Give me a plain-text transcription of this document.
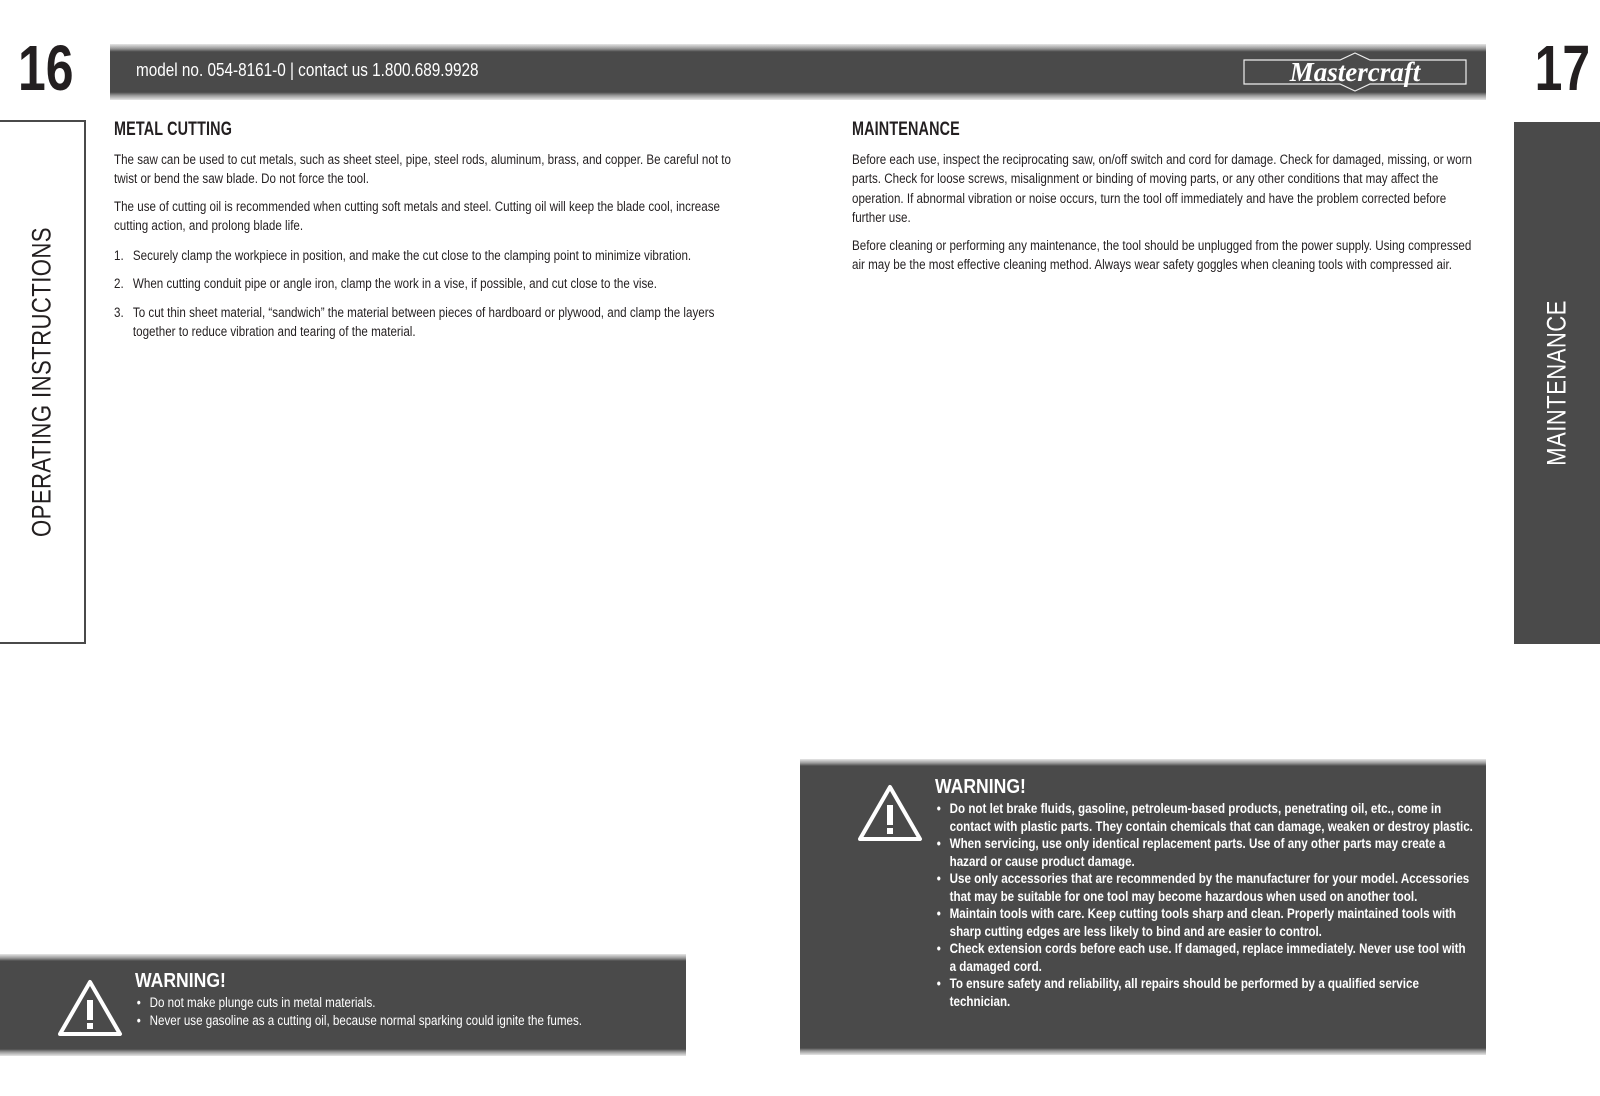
16	17
model no. 054-8161-0 | contact us 1.800.689.9928	Mastercraft
OPERATING INSTRUCTIONS	MAINTENANCE
METAL CUTTING

The saw can be used to cut metals, such as sheet steel, pipe, steel rods, aluminum, brass, and copper. Be careful not to twist or bend the saw blade. Do not force the tool.

The use of cutting oil is recommended when cutting soft metals and steel. Cutting oil will keep the blade cool, increase cutting action, and prolong blade life.

1. Securely clamp the workpiece in position, and make the cut close to the clamping point to minimize vibration.
2. When cutting conduit pipe or angle iron, clamp the work in a vise, if possible, and cut close to the vise.
3. To cut thin sheet material, “sandwich” the material between pieces of hardboard or plywood, and clamp the layers together to reduce vibration and tearing of the material.
MAINTENANCE

Before each use, inspect the reciprocating saw, on/off switch and cord for damage. Check for damaged, missing, or worn parts. Check for loose screws, misalignment or binding of moving parts, or any other conditions that may affect the operation. If abnormal vibration or noise occurs, turn the tool off immediately and have the problem corrected before further use.

Before cleaning or performing any maintenance, the tool should be unplugged from the power supply. Using compressed air may be the most effective cleaning method. Always wear safety goggles when cleaning tools with compressed air.

WARNING!
• Do not make plunge cuts in metal materials.
• Never use gasoline as a cutting oil, because normal sparking could ignite the fumes.
WARNING!
• Do not let brake fluids, gasoline, petroleum-based products, penetrating oil, etc., come in contact with plastic parts. They contain chemicals that can damage, weaken or destroy plastic.
• When servicing, use only identical replacement parts. Use of any other parts may create a hazard or cause product damage.
• Use only accessories that are recommended by the manufacturer for your model. Accessories that may be suitable for one tool may become hazardous when used on another tool.
• Maintain tools with care. Keep cutting tools sharp and clean. Properly maintained tools with sharp cutting edges are less likely to bind and are easier to control.
• Check extension cords before each use. If damaged, replace immediately. Never use tool with a damaged cord.
• To ensure safety and reliability, all repairs should be performed by a qualified service technician.
